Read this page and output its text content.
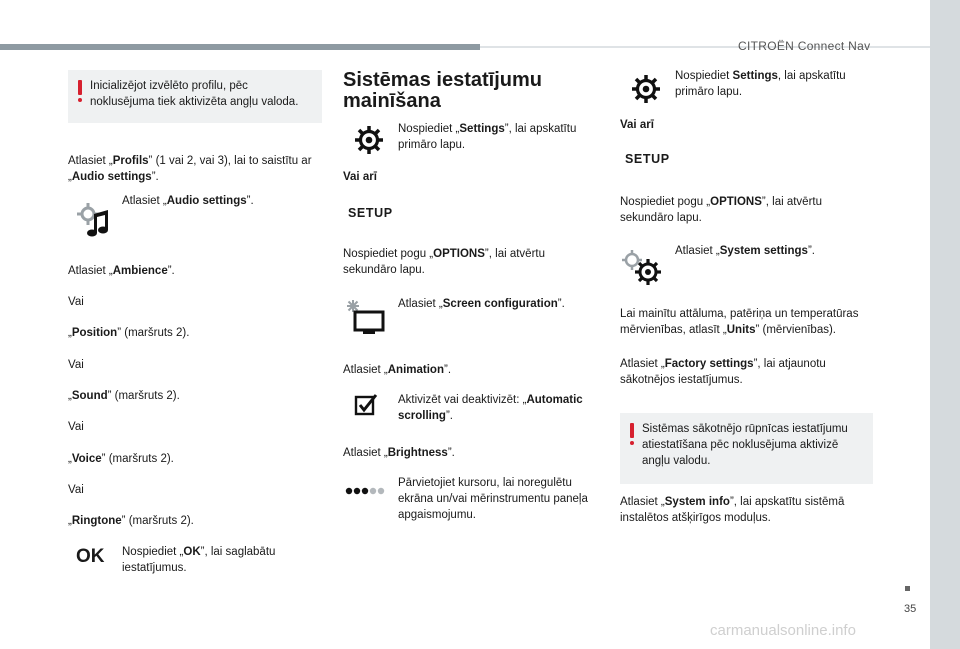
CITROËN Connect Nav
35
carmanualsonline.info
Inicializējot izvēlēto profilu, pēc noklusējuma tiek aktivizēta angļu valoda.
Atlasiet „Profils” (1 vai 2, vai 3), lai to saistītu ar „Audio settings”.
Atlasiet „Audio settings”.
Atlasiet „Ambience”.
Vai
„Position” (maršruts 2).
Vai
„Sound” (maršruts 2).
Vai
„Voice” (maršruts 2).
Vai
„Ringtone” (maršruts 2).
OK Nospiediet „OK”, lai saglabātu iestatījumus.
Sistēmas iestatījumu mainīšana
Nospiediet „Settings”, lai apskatītu primāro lapu.
Vai arī
SETUP
Nospiediet pogu „OPTIONS”, lai atvērtu sekundāro lapu.
Atlasiet „Screen configuration”.
Atlasiet „Animation”.
Aktivizēt vai deaktivizēt: „Automatic scrolling”.
Atlasiet „Brightness”.
Pārvietojiet kursoru, lai noregulētu ekrāna un/vai mērinstrumentu paneļa apgaismojumu.
Nospiediet Settings, lai apskatītu primāro lapu.
Vai arī
SETUP
Nospiediet pogu „OPTIONS”, lai atvērtu sekundāro lapu.
Atlasiet „System settings”.
Lai mainītu attāluma, patēriņa un temperatūras mērvienības, atlasīt „Units” (mērvienības).
Atlasiet „Factory settings”, lai atjaunotu sākotnējos iestatījumus.
Sistēmas sākotnējo rūpnīcas iestatījumu atiestatīšana pēc noklusējuma aktivizē angļu valodu.
Atlasiet „System info”, lai apskatītu sistēmā instalētos atšķirīgos moduļus.
